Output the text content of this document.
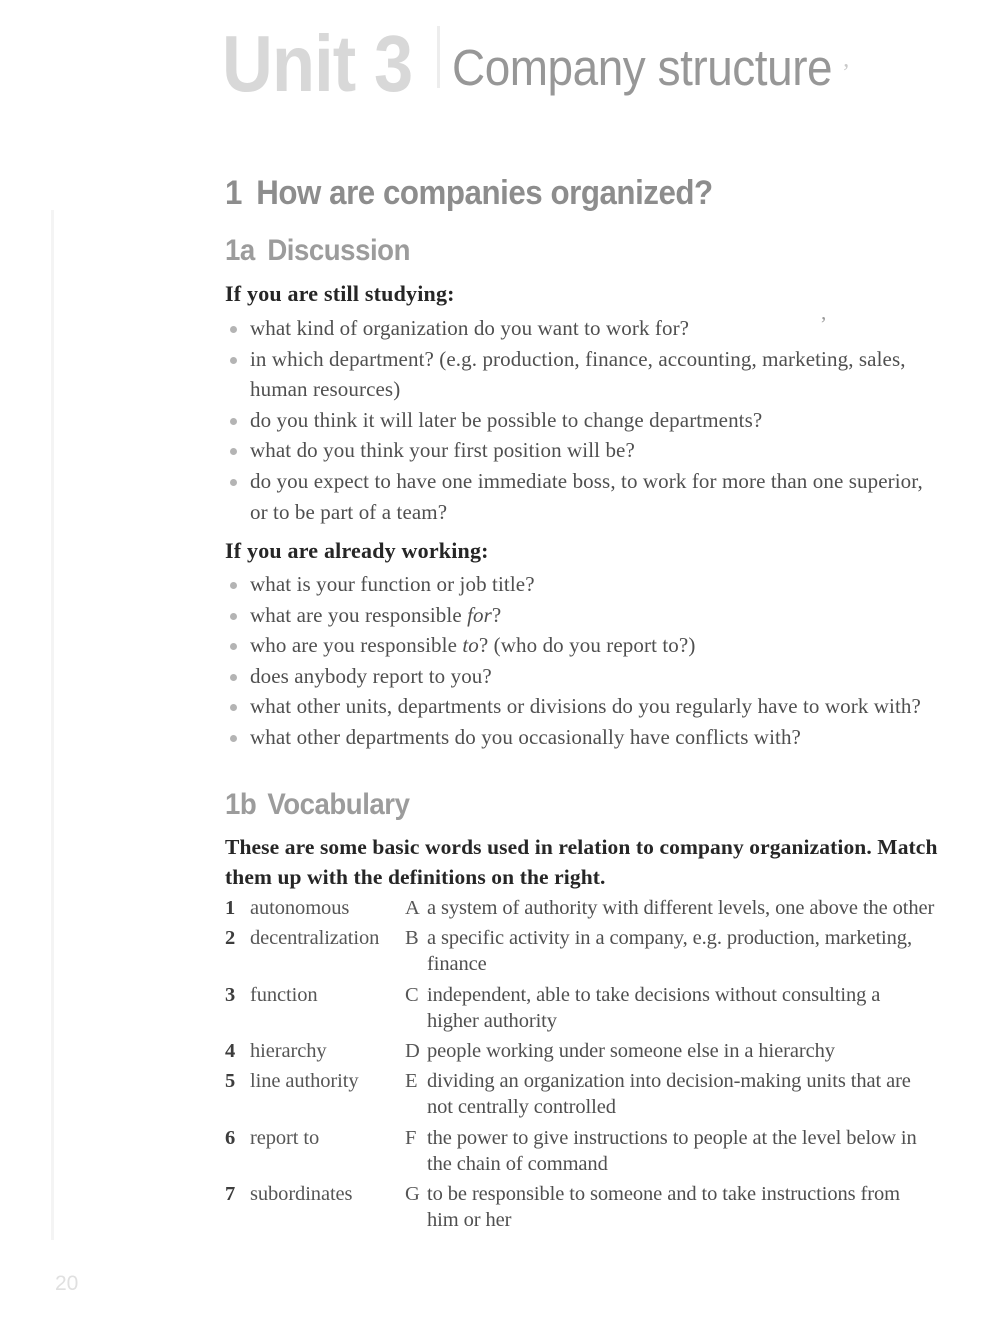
Unit 3 Company structure ’
1 How are companies organized?
1a Discussion
If you are still studying:
what kind of organization do you want to work for?
in which department? (e.g. production, finance, accounting, marketing, sales,
human resources)
do you think it will later be possible to change departments?
what do you think your first position will be?
do you expect to have one immediate boss, to work for more than one superior,
or to be part of a team?
’
If you are already working:
what is your function or job title?
what are you responsible for?
who are you responsible to? (who do you report to?)
does anybody report to you?
what other units, departments or divisions do you regularly have to work with?
what other departments do you occasionally have conflicts with?
1b Vocabulary
These are some basic words used in relation to company organization. Match
them up with the definitions on the right.
1 autonomous	A a system of authority with different levels, one above the other
2 decentralization	B a specific activity in a company, e.g. production, marketing,
finance
3 function	C independent, able to take decisions without consulting a
higher authority
4 hierarchy	D people working under someone else in a hierarchy
5 line authority	E dividing an organization into decision-making units that are
not centrally controlled
6 report to	F the power to give instructions to people at the level below in
the chain of command
7 subordinates	G to be responsible to someone and to take instructions from
him or her
20
